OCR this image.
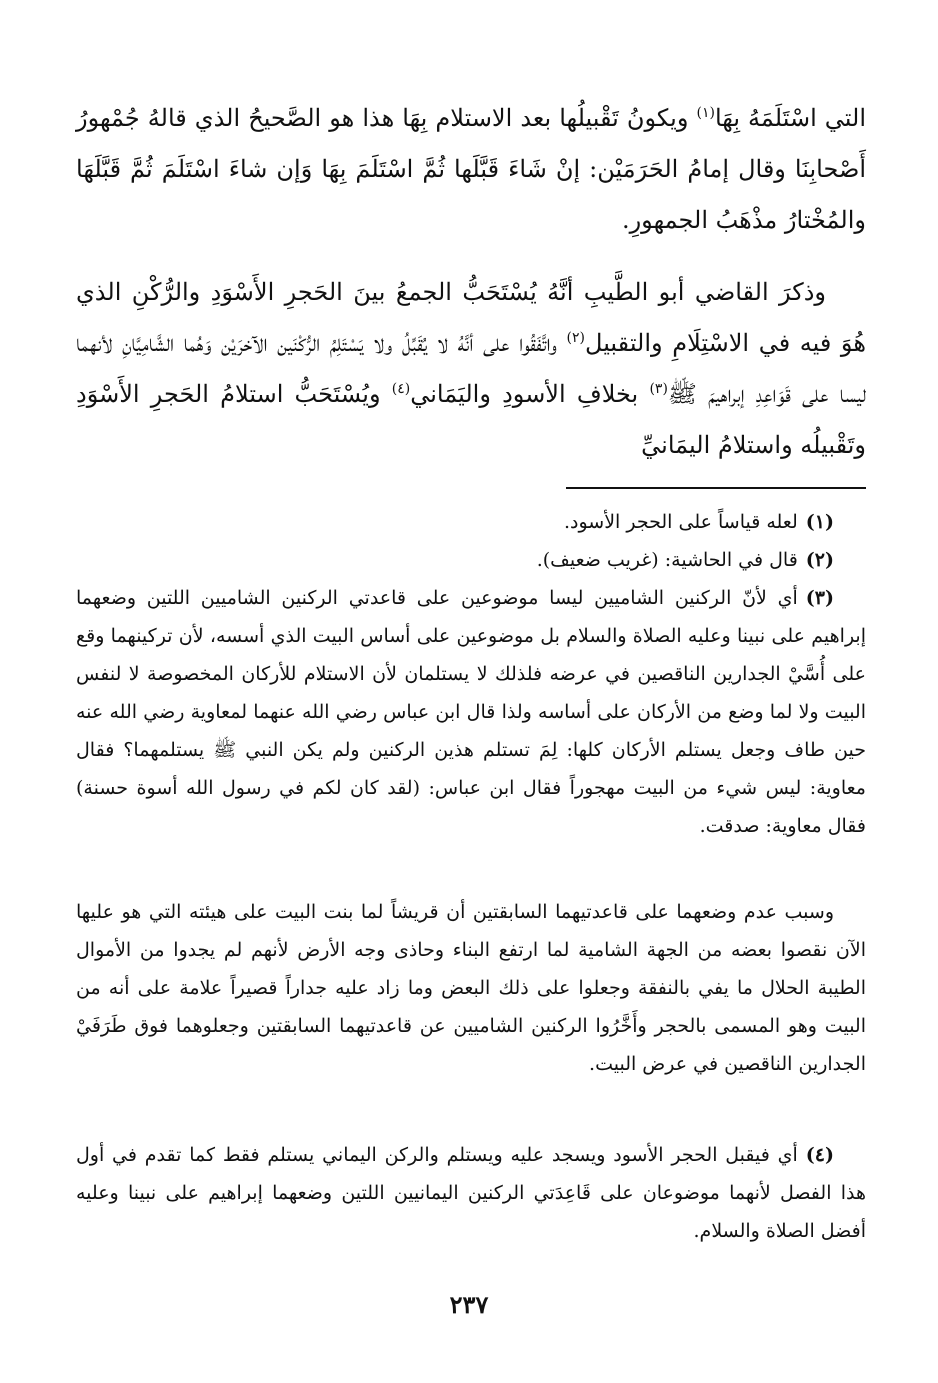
التي اسْتَلَمَهُ بِهَا$^{(١)}$ ويكونُ تَقْبيلُها بعد الاستلام بِهَا هذا هو الصَّحيحُ الذي قالهُ جُمْهورُ أَصْحابِنَا وقال إمامُ الحَرَمَيْن: إنْ شَاءَ قَبَّلَها ثُمَّ اسْتَلَمَ بِهَا وَإن شاءَ اسْتَلَمَ ثُمَّ قَبَّلَهَا والمُخْتارُ مذْهَبُ الجمهورِ.

وذكرَ القاضي أبو الطَّيبِ أنَّهُ يُسْتَحَبُّ الجمعُ بينَ الحَجرِ الأَسْوَدِ والرُّكْنِ الذي هُوَ فيه في الاسْتِلَامِ والتقبيل$^{(٢)}$ واتَّفَقُوا على أنَّهُ لا يُقَبِّلُ ولا يَسْتَلِمُ الرُّكْنَين الآخرَيْن وَهُما الشَّامِيَّانِ لأنهما ليسا على قَوَاعِدِ إبراهيمَ ﷺ$^{(٣)}$ بخلافِ الأسودِ واليَمَاني$^{(٤)}$ ويُسْتَحَبُّ استلامُ الحَجرِ الأَسْوَدِ وتَقْبيلُه واستلامُ اليمَانيِّ

(١)لعله قياساً على الحجر الأسود.

(٢)قال في الحاشية: (غريب ضعيف).

(٣)أي لأنّ الركنين الشاميين ليسا موضوعين على قاعدتي الركنين الشاميين اللتين وضعهما إبراهيم على نبينا وعليه الصلاة والسلام بل موضوعين على أساس البيت الذي أسسه، لأن تركينهما وقع على أُسَّيْ الجدارين الناقصين في عرضه فلذلك لا يستلمان لأن الاستلام للأركان المخصوصة لا لنفس البيت ولا لما وضع من الأركان على أساسه ولذا قال ابن عباس رضي الله عنهما لمعاوية رضي الله عنه حين طاف وجعل يستلم الأركان كلها: لِمَ تستلم هذين الركنين ولم يكن النبي ﷺ يستلمهما؟ فقال معاوية: ليس شيء من البيت مهجوراً فقال ابن عباس: (لقد كان لكم في رسول الله أسوة حسنة) فقال معاوية: صدقت.

وسبب عدم وضعهما على قاعدتيهما السابقتين أن قريشاً لما بنت البيت على هيئته التي هو عليها الآن نقصوا بعضه من الجهة الشامية لما ارتفع البناء وحاذى وجه الأرض لأنهم لم يجدوا من الأموال الطيبة الحلال ما يفي بالنفقة وجعلوا على ذلك البعض وما زاد عليه جداراً قصيراً علامة على أنه من البيت وهو المسمى بالحجر وأَخَّرُوا الركنين الشاميين عن قاعدتيهما السابقتين وجعلوهما فوق طَرَفَيْ الجدارين الناقصين في عرض البيت.

(٤)أي فيقبل الحجر الأسود ويسجد عليه ويستلم والركن اليماني يستلم فقط كما تقدم في أول هذا الفصل لأنهما موضوعان على قَاعِدَتي الركنين اليمانيين اللتين وضعهما إبراهيم على نبينا وعليه أفضل الصلاة والسلام.

٢٣٧
